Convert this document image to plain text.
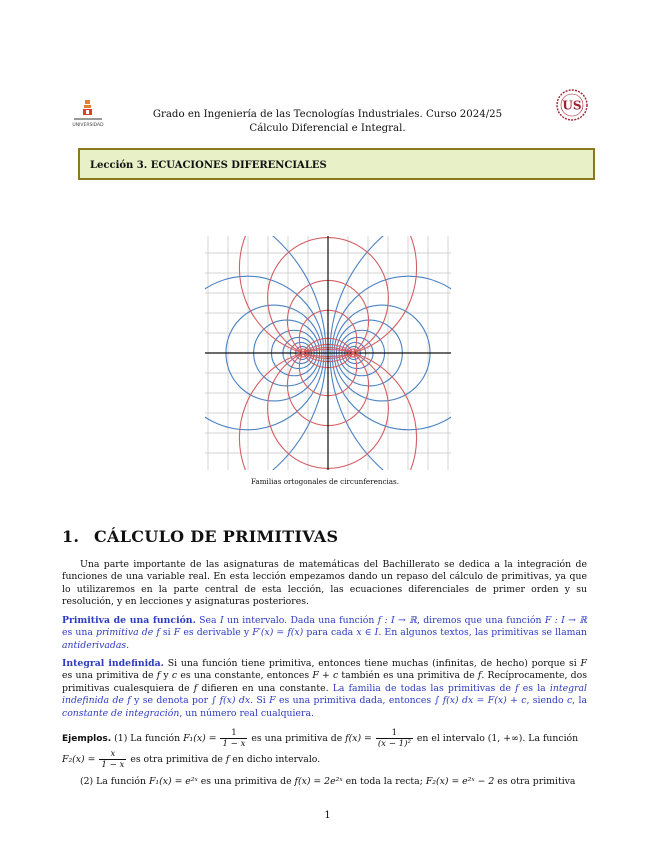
UNIVERSIDAD
Grado en Ingeniería de las Tecnologías Industriales. Curso 2024/25
Cálculo Diferencial e Integral.
US
Lección 3. ECUACIONES DIFERENCIALES
Familias ortogonales de circunferencias.
1. CÁLCULO DE PRIMITIVAS
Una parte importante de las asignaturas de matemáticas del Bachillerato se dedica a la integración de funciones de una variable real. En esta lección empezamos dando un repaso del cálculo de primitivas, ya que lo utilizaremos en la parte central de esta lección, las ecuaciones diferenciales de primer orden y su resolución, y en lecciones y asignaturas posteriores.
Primitiva de una función. Sea I un intervalo. Dada una función f : I → ℝ, diremos que una función F : I → ℝ es una primitiva de f si F es derivable y F′(x) = f(x) para cada x ∈ I. En algunos textos, las primitivas se llaman antiderivadas.
Integral indefinida. Si una función tiene primitiva, entonces tiene muchas (infinitas, de hecho) porque si F es una primitiva de f y c es una constante, entonces F + c también es una primitiva de f. Recíprocamente, dos primitivas cualesquiera de f difieren en una constante. La familia de todas las primitivas de f es la integral indefinida de f y se denota por ∫ f(x) dx. Si F es una primitiva dada, entonces ∫ f(x) dx = F(x) + c, siendo c, la constante de integración, un número real cualquiera.
Ejemplos. (1) La función $F_1(x) = \frac{1}{1 - x}$ es una primitiva de $f(x) = \frac{1}{\text{(x − 1)²}}$ en el intervalo (1, +∞). La función
$F_2(x) = \frac{x}{1 - x}$ es otra primitiva de f en dicho intervalo.
(2) La función F₁(x) = e²ˣ es una primitiva de f(x) = 2e²ˣ en toda la recta; F₂(x) = e²ˣ − 2 es otra primitiva
1
